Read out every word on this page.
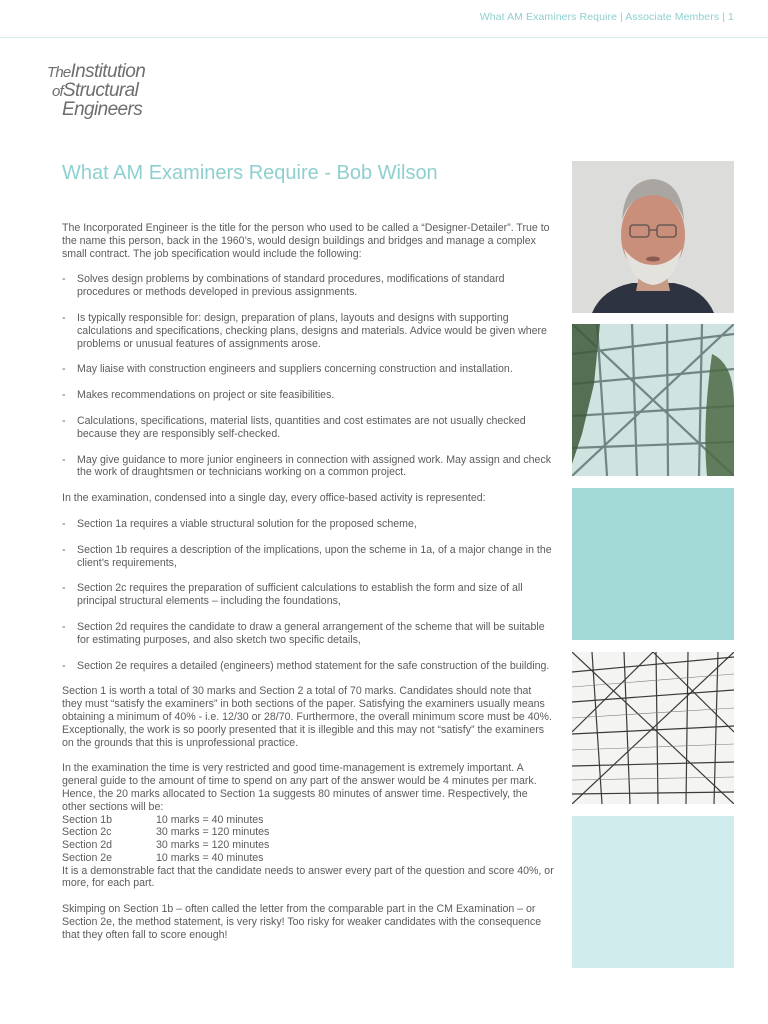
What AM Examiners Require | Associate Members | 1
TheInstitution
ofStructural
Engineers
What AM Examiners Require - Bob Wilson

The Incorporated Engineer is the title for the person who used to be called a “Designer-Detailer”. True to the name this person, back in the 1960’s, would design buildings and bridges and manage a complex small contract. The job specification would include the following:

- Solves design problems by combinations of standard procedures, modifications of standard procedures or methods developed in previous assignments.
- Is typically responsible for: design, preparation of plans, layouts and designs with supporting calculations and specifications, checking plans, designs and materials. Advice would be given where problems or unusual features of assignments arose.
- May liaise with construction engineers and suppliers concerning construction and installation.
- Makes recommendations on project or site feasibilities.
- Calculations, specifications, material lists, quantities and cost estimates are not usually checked because they are responsibly self-checked.
- May give guidance to more junior engineers in connection with assigned work. May assign and check the work of draughtsmen or technicians working on a common project.

In the examination, condensed into a single day, every office-based activity is represented:

- Section 1a requires a viable structural solution for the proposed scheme,
- Section 1b requires a description of the implications, upon the scheme in 1a, of a major change in the client’s requirements,
- Section 2c requires the preparation of sufficient calculations to establish the form and size of all principal structural elements – including the foundations,
- Section 2d requires the candidate to draw a general arrangement of the scheme that will be suitable for estimating purposes, and also sketch two specific details,
- Section 2e requires a detailed (engineers) method statement for the safe construction of the building.

Section 1 is worth a total of 30 marks and Section 2 a total of 70 marks. Candidates should note that they must “satisfy the examiners” in both sections of the paper. Satisfying the examiners usually means obtaining a minimum of 40% - i.e. 12/30 or 28/70. Furthermore, the overall minimum score must be 40%. Exceptionally, the work is so poorly presented that it is illegible and this may not “satisfy” the examiners on the grounds that this is unprofessional practice.

In the examination the time is very restricted and good time-management is extremely important. A general guide to the amount of time to spend on any part of the answer would be 4 minutes per mark. Hence, the 20 marks allocated to Section 1a suggests 80 minutes of answer time. Respectively, the other sections will be:

Section 1b	10 marks = 40 minutes
Section 2c	30 marks = 120 minutes
Section 2d	30 marks = 120 minutes
Section 2e	10 marks = 40 minutes

It is a demonstrable fact that the candidate needs to answer every part of the question and score 40%, or more, for each part.

Skimping on Section 1b – often called the letter from the comparable part in the CM Examination – or Section 2e, the method statement, is very risky! Too risky for weaker candidates with the consequence that they often fall to score enough!
